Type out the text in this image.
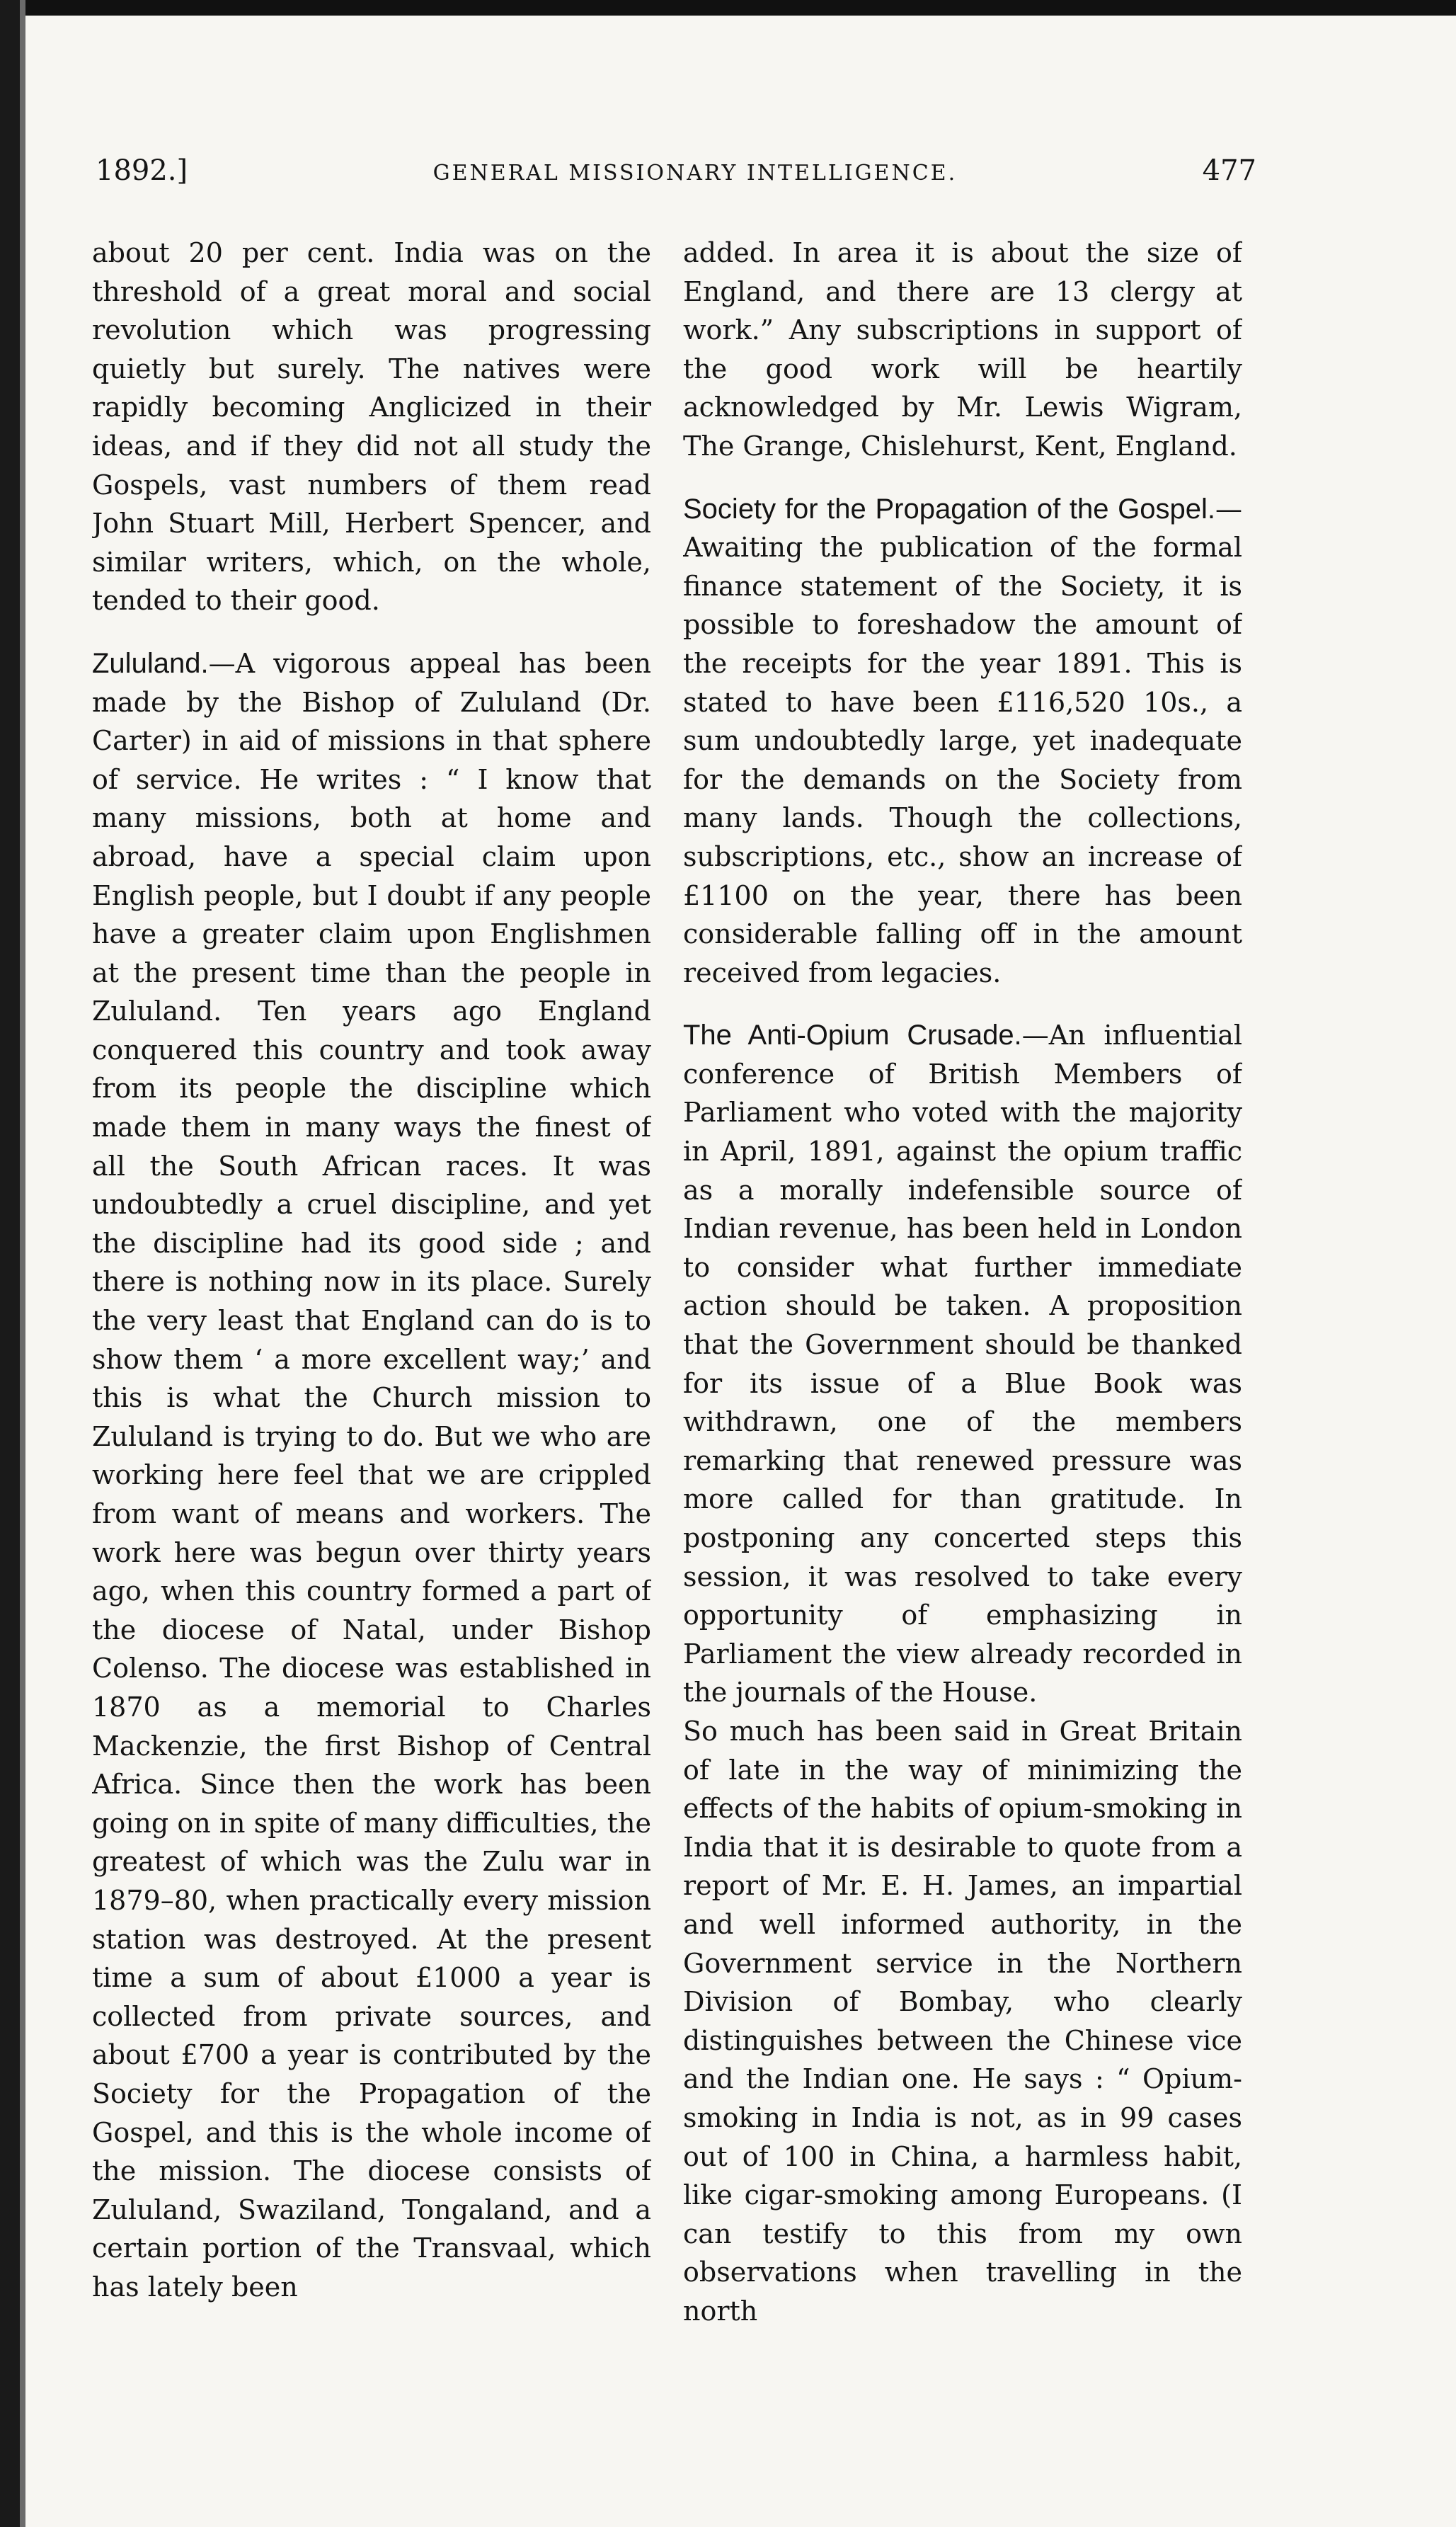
1892.]	GENERAL MISSIONARY INTELLIGENCE.	477

about 20 per cent. India was on the threshold of a great moral and social revolution which was progressing quietly but surely. The natives were rapidly becoming Anglicized in their ideas, and if they did not all study the Gospels, vast numbers of them read John Stuart Mill, Herbert Spencer, and similar writers, which, on the whole, tended to their good.

Zululand.—A vigorous appeal has been made by the Bishop of Zululand (Dr. Carter) in aid of missions in that sphere of service. He writes : “ I know that many missions, both at home and abroad, have a special claim upon English people, but I doubt if any people have a greater claim upon Englishmen at the present time than the people in Zululand. Ten years ago England conquered this country and took away from its people the discipline which made them in many ways the finest of all the South African races. It was undoubtedly a cruel discipline, and yet the discipline had its good side ; and there is nothing now in its place. Surely the very least that England can do is to show them ‘ a more excellent way;’ and this is what the Church mission to Zululand is trying to do. But we who are working here feel that we are crippled from want of means and workers. The work here was begun over thirty years ago, when this country formed a part of the diocese of Natal, under Bishop Colenso. The diocese was established in 1870 as a memorial to Charles Mackenzie, the first Bishop of Central Africa. Since then the work has been going on in spite of many difficulties, the greatest of which was the Zulu war in 1879–80, when practically every mission station was destroyed. At the present time a sum of about £1000 a year is collected from private sources, and about £700 a year is contributed by the Society for the Propagation of the Gospel, and this is the whole income of the mission. The diocese consists of Zululand, Swaziland, Tongaland, and a certain portion of the Transvaal, which has lately been

added. In area it is about the size of England, and there are 13 clergy at work.” Any subscriptions in support of the good work will be heartily acknowledged by Mr. Lewis Wigram, The Grange, Chislehurst, Kent, England.

Society for the Propagation of the Gospel.—Awaiting the publication of the formal finance statement of the Society, it is possible to foreshadow the amount of the receipts for the year 1891. This is stated to have been £116,520 10s., a sum undoubtedly large, yet inadequate for the demands on the Society from many lands. Though the collections, subscriptions, etc., show an increase of £1100 on the year, there has been considerable falling off in the amount received from legacies.

The Anti-Opium Crusade.—An influential conference of British Members of Parliament who voted with the majority in April, 1891, against the opium traffic as a morally indefensible source of Indian revenue, has been held in London to consider what further immediate action should be taken. A proposition that the Government should be thanked for its issue of a Blue Book was withdrawn, one of the members remarking that renewed pressure was more called for than gratitude. In postponing any concerted steps this session, it was resolved to take every opportunity of emphasizing in Parliament the view already recorded in the journals of the House.

So much has been said in Great Britain of late in the way of minimizing the effects of the habits of opium-smoking in India that it is desirable to quote from a report of Mr. E. H. James, an impartial and well informed authority, in the Government service in the Northern Division of Bombay, who clearly distinguishes between the Chinese vice and the Indian one. He says : “ Opium-smoking in India is not, as in 99 cases out of 100 in China, a harmless habit, like cigar-smoking among Europeans. (I can testify to this from my own observations when travelling in the north
